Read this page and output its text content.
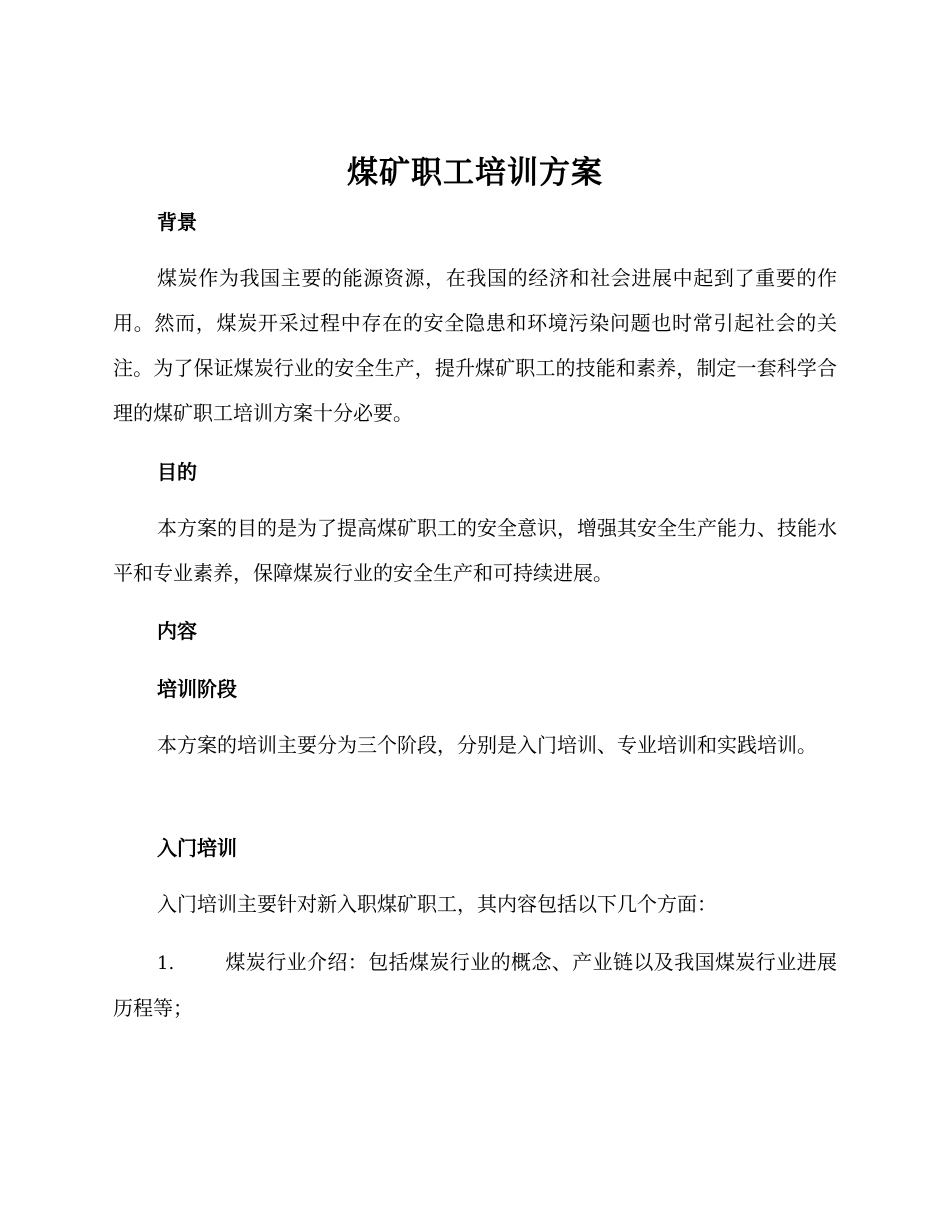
煤矿职工培训方案
背景

煤炭作为我国主要的能源资源，在我国的经济和社会进展中起到了重要的作用。然而，煤炭开采过程中存在的安全隐患和环境污染问题也时常引起社会的关注。为了保证煤炭行业的安全生产，提升煤矿职工的技能和素养，制定一套科学合理的煤矿职工培训方案十分必要。

目的

本方案的目的是为了提高煤矿职工的安全意识，增强其安全生产能力、技能水平和专业素养，保障煤炭行业的安全生产和可持续进展。

内容
培训阶段

本方案的培训主要分为三个阶段，分别是入门培训、专业培训和实践培训。

入门培训

入门培训主要针对新入职煤矿职工，其内容包括以下几个方面：

1.	煤炭行业介绍：包括煤炭行业的概念、产业链以及我国煤炭行业进展历程等；
